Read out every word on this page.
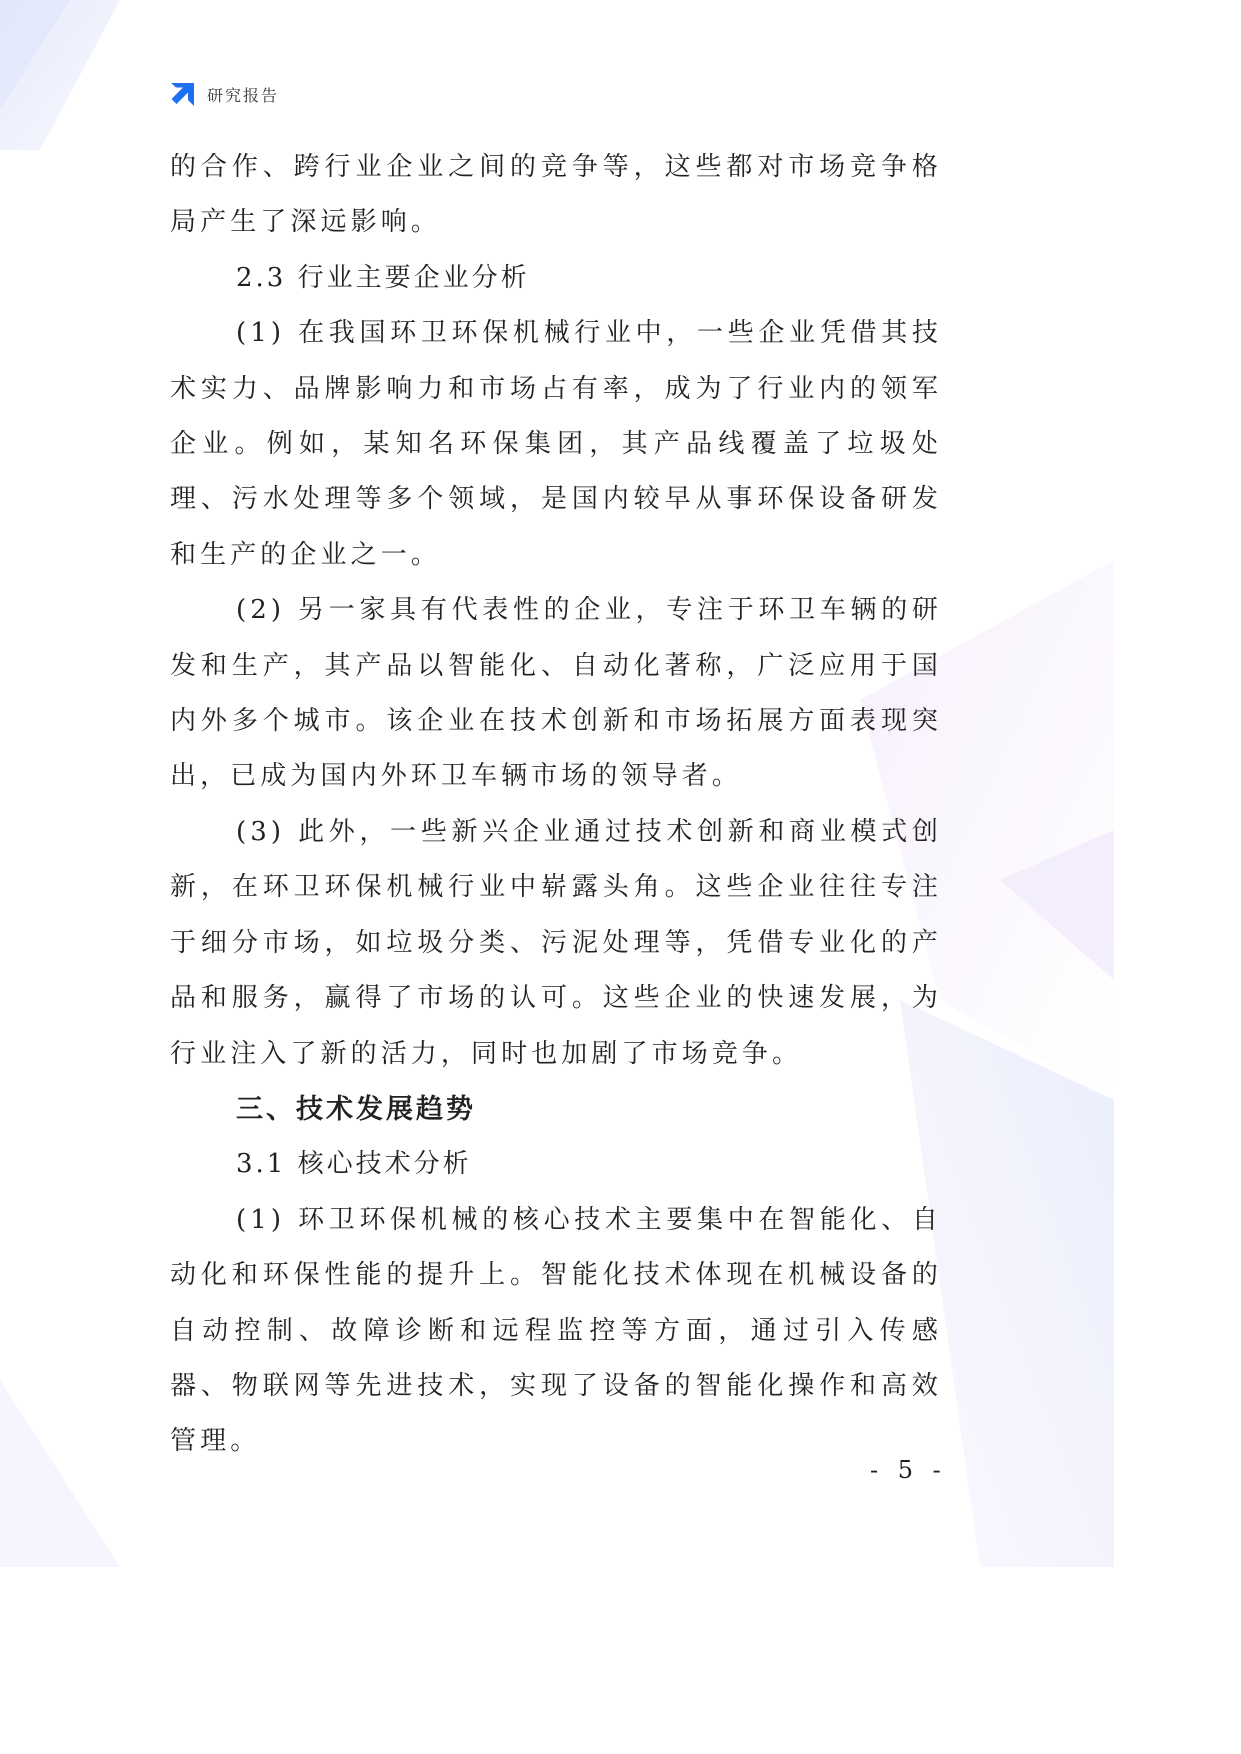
研究报告

的合作、跨行业企业之间的竞争等，这些都对市场竞争格局产生了深远影响。

2.3 行业主要企业分析

(1) 在我国环卫环保机械行业中，一些企业凭借其技术实力、品牌影响力和市场占有率，成为了行业内的领军企业。例如，某知名环保集团，其产品线覆盖了垃圾处理、污水处理等多个领域，是国内较早从事环保设备研发和生产的企业之一。

(2) 另一家具有代表性的企业，专注于环卫车辆的研发和生产，其产品以智能化、自动化著称，广泛应用于国内外多个城市。该企业在技术创新和市场拓展方面表现突出，已成为国内外环卫车辆市场的领导者。

(3) 此外，一些新兴企业通过技术创新和商业模式创新，在环卫环保机械行业中崭露头角。这些企业往往专注于细分市场，如垃圾分类、污泥处理等，凭借专业化的产品和服务，赢得了市场的认可。这些企业的快速发展，为行业注入了新的活力，同时也加剧了市场竞争。

三、技术发展趋势

3.1 核心技术分析

(1) 环卫环保机械的核心技术主要集中在智能化、自动化和环保性能的提升上。智能化技术体现在机械设备的自动控制、故障诊断和远程监控等方面，通过引入传感器、物联网等先进技术，实现了设备的智能化操作和高效管理。

- 5 -
